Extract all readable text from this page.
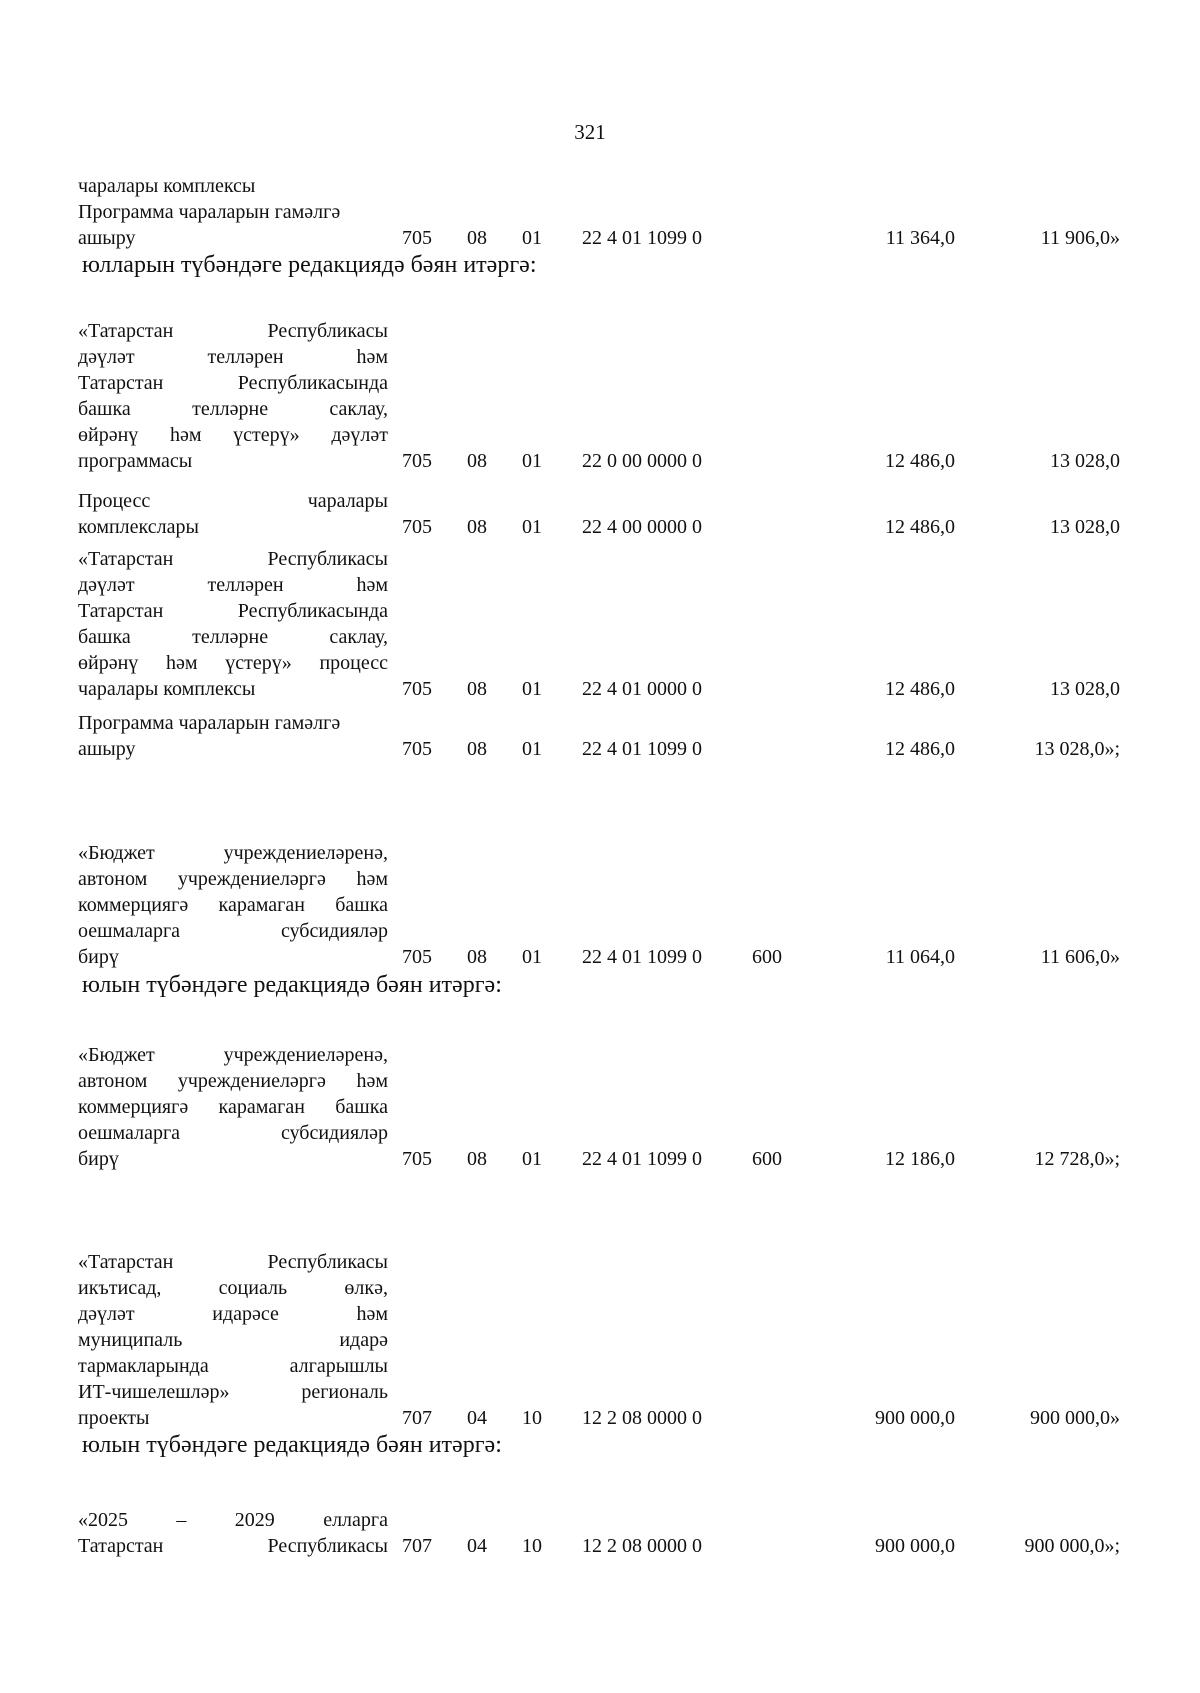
321
чаралары комплексы
Программа чараларын гамәлгә
ашыру	705 08 01 22 4 01 1099 0	11 364,0	11 906,0»
юлларын түбәндәге редакциядә бәян итәргә:
«Татарстан Республикасы
дәүләт телләрен һәм
Татарстан Республикасында
башка телләрне саклау,
өйрәнү һәм үстерү» дәүләт
программасы	705 08 01 22 0 00 0000 0	12 486,0	13 028,0
Процесс чаралары
комплекслары	705 08 01 22 4 00 0000 0	12 486,0	13 028,0
«Татарстан Республикасы
дәүләт телләрен һәм
Татарстан Республикасында
башка телләрне саклау,
өйрәнү һәм үстерү» процесс
чаралары комплексы	705 08 01 22 4 01 0000 0	12 486,0	13 028,0
Программа чараларын гамәлгә
ашыру	705 08 01 22 4 01 1099 0	12 486,0	13 028,0»;
«Бюджет учреждениеләренә,
автоном учреждениеләргә һәм
коммерциягә карамаган башка
оешмаларга субсидияләр
бирү	705 08 01 22 4 01 1099 0	600	11 064,0	11 606,0»
юлын түбәндәге редакциядә бәян итәргә:
«Бюджет учреждениеләренә,
автоном учреждениеләргә һәм
коммерциягә карамаган башка
оешмаларга субсидияләр
бирү	705 08 01 22 4 01 1099 0	600	12 186,0	12 728,0»;
«Татарстан Республикасы
икътисад, социаль өлкә,
дәүләт идарәсе һәм
муниципаль идарә
тармакларында алгарышлы
ИТ-чишелешләр» региональ
проекты	707 04 10 12 2 08 0000 0	900 000,0	900 000,0»
юлын түбәндәге редакциядә бәян итәргә:
«2025 – 2029 елларга
Татарстан Республикасы 707 04 10 12 2 08 0000 0	900 000,0	900 000,0»;
